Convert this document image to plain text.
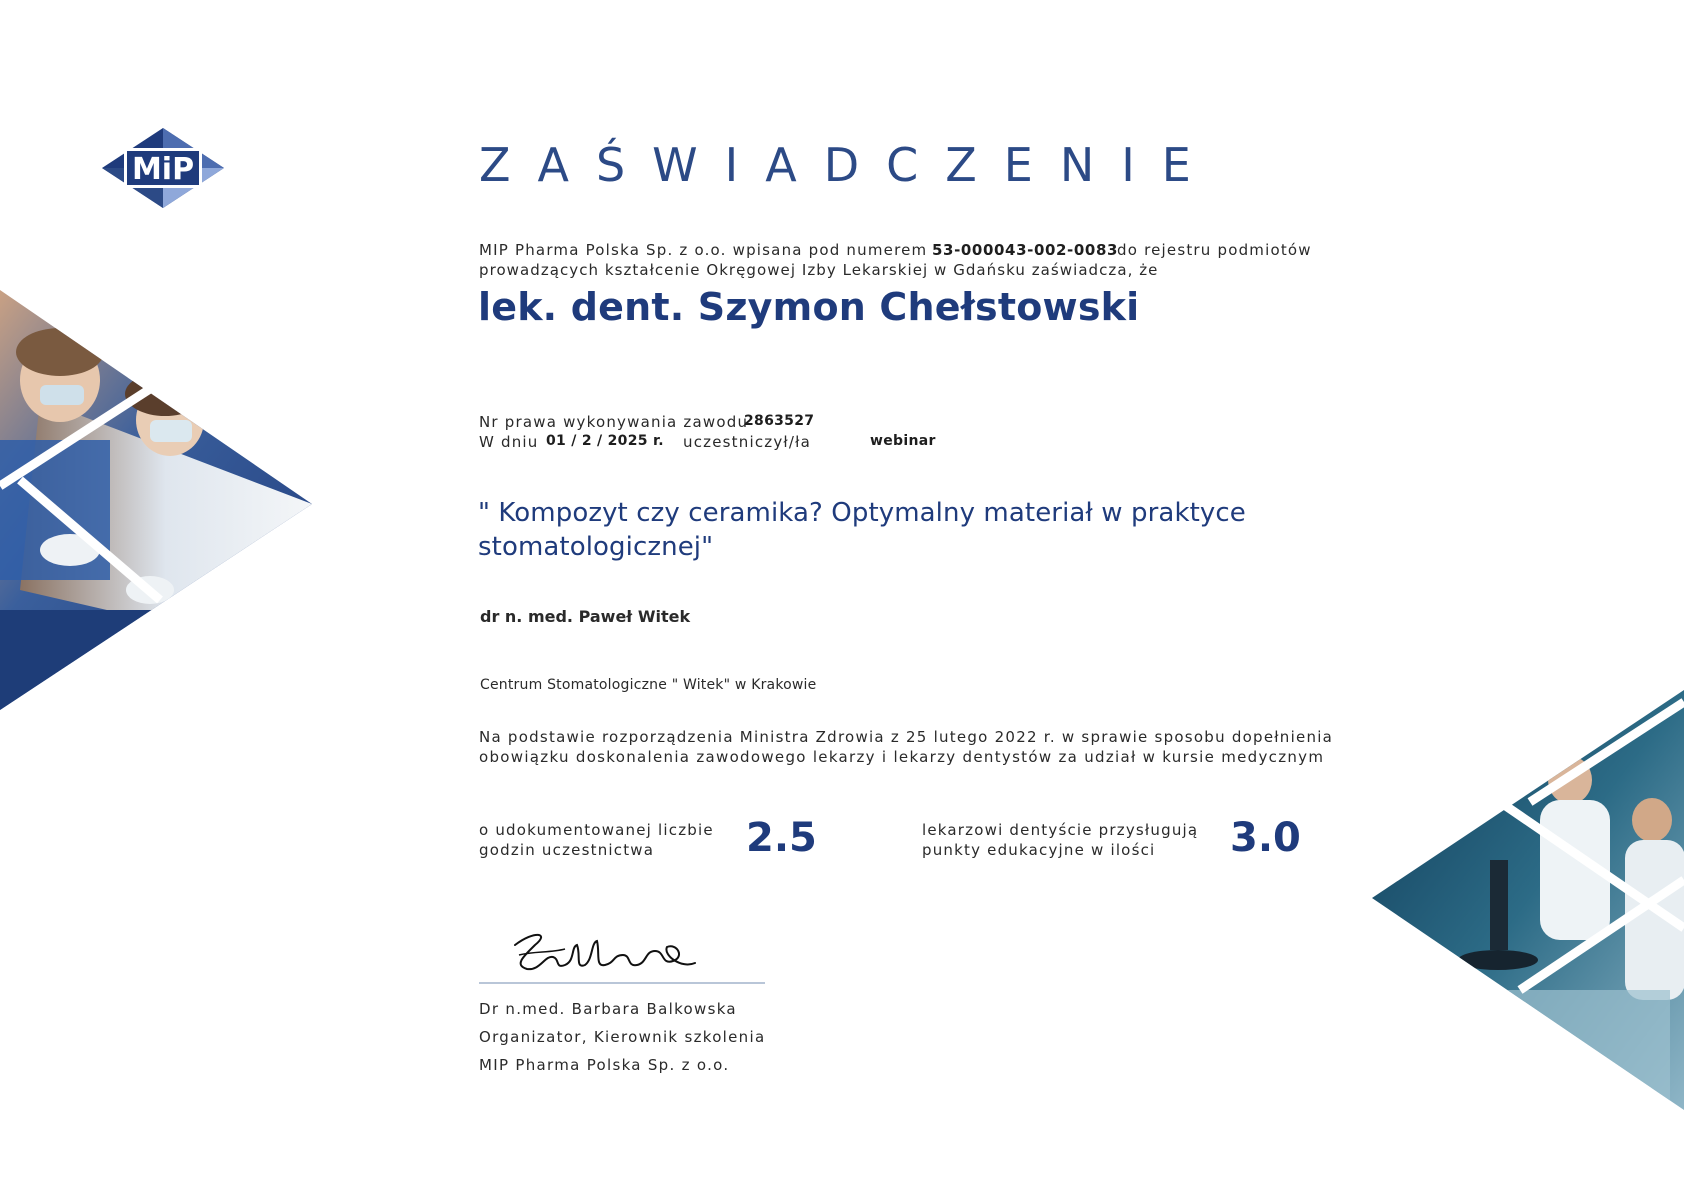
MiP	ZAŚWIADCZENIE
MIP Pharma Polska Sp. z o.o. wpisana pod numerem 53-000043-002-0083
do rejestru podmiotów
prowadzących kształcenie Okręgowej Izby Lekarskiej w Gdańsku zaświadcza, że
lek. dent. Szymon Chełstowski
Nr prawa wykonywania zawodu
2863527
W dniu 01 / 2 / 2025 r. uczestniczył/ła	webinar
" Kompozyt czy ceramika? Optymalny materiał w praktyce stomatologicznej"
dr n. med. Paweł Witek
Centrum Stomatologiczne " Witek" w Krakowie
Na podstawie rozporządzenia Ministra Zdrowia z 25 lutego 2022 r. w sprawie sposobu dopełnienia
obowiązku doskonalenia zawodowego lekarzy i lekarzy dentystów za udział w kursie medycznym
o udokumentowanej liczbie
godzin uczestnictwa 2.5	lekarzowi dentyście przysługują
punkty edukacyjne w ilości 3.0
Dr n.med. Barbara Balkowska
Organizator, Kierownik szkolenia
MIP Pharma Polska Sp. z o.o.
